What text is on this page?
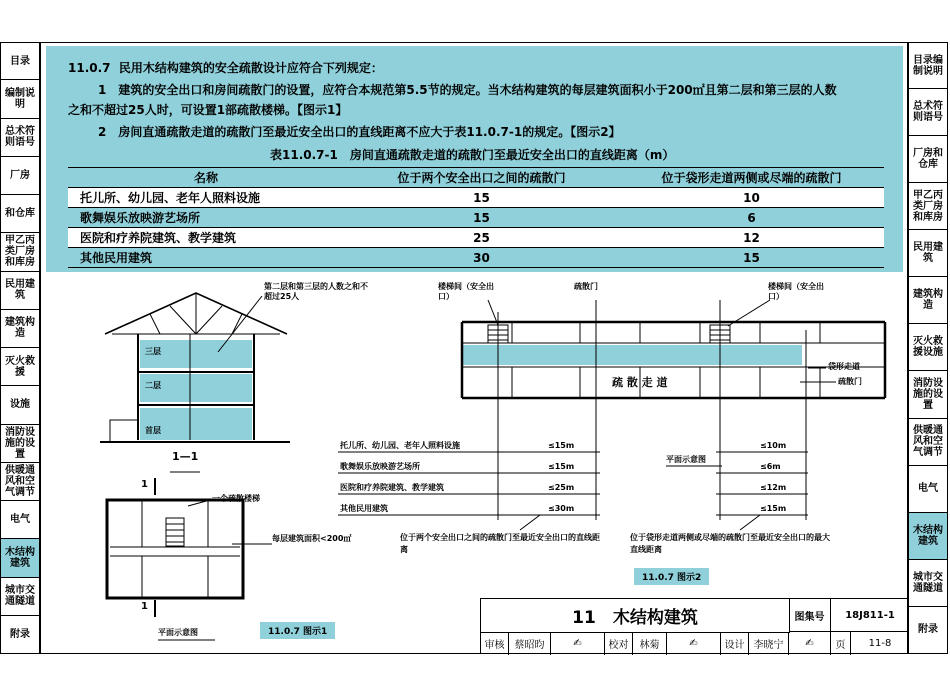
目录
编制说明
总术符则语号
厂房
和仓库
甲乙丙类厂房和库房
民用建筑
建筑构造
灭火救援
设施
消防设施的设置
供暖通风和空气调节
电气
木结构建筑
城市交通隧道
附录
目录编制说明
总术符则语号
厂房和仓库
甲乙丙类厂房和库房
民用建筑
建筑构造
灭火救援设施
消防设施的设置
供暖通风和空气调节
电气
木结构建筑
城市交通隧道
附录
11.0.7 民用木结构建筑的安全疏散设计应符合下列规定：
1　建筑的安全出口和房间疏散门的设置，应符合本规范第5.5节的规定。当木结构建筑的每层建筑面积小于200㎡且第二层和第三层的人数
之和不超过25人时，可设置1部疏散楼梯。【图示1】
2　房间直通疏散走道的疏散门至最近安全出口的直线距离不应大于表11.0.7-1的规定。【图示2】
表11.0.7-1　房间直通疏散走道的疏散门至最近安全出口的直线距离（m）
名称	位于两个安全出口之间的疏散门	位于袋形走道两侧或尽端的疏散门
托儿所、幼儿园、老年人照料设施	15	10
歌舞娱乐放映游艺场所	15	6
医院和疗养院建筑、教学建筑	25	12
其他民用建筑	30	15
第二层和第三层的人数之和不超过25人
三层
二层
首层
1—1
一个疏散楼梯
每层建筑面积<200㎡
1
1
平面示意图	11.0.7 图示1
楼梯间（安全出口）
疏散门	楼梯间（安全出口）
袋形走道
疏散门
疏 散 走 道
托儿所、幼儿园、老年人照料设施
歌舞娱乐放映游艺场所
医院和疗养院建筑、教学建筑
其他民用建筑
≤15m
≤15m
≤25m
≤30m
≤10m
≤6m
≤12m
≤15m
平面示意图
位于两个安全出口之间的疏散门至最近安全出口的直线距离
位于袋形走道两侧或尽端的疏散门至最近安全出口的最大直线距离
11.0.7 图示2
11　木结构建筑	图集号	18J811-1
审核	蔡昭昀	✍	校对	林菊	✍	设计 李晓宁	✍	页	11-8
